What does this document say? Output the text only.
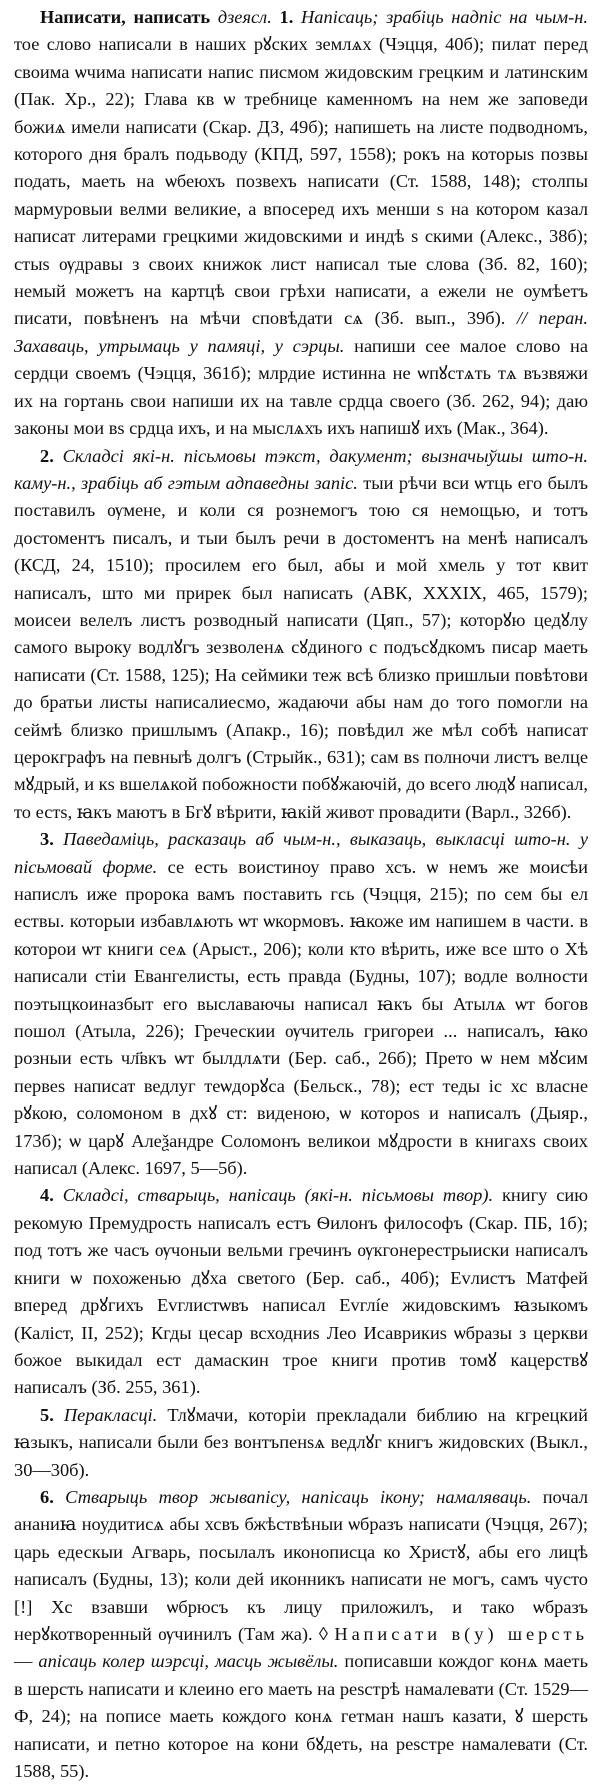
Написати, написать дзеясл. 1. Напісаць; зрабіць надпіс на чым-н. тое слово написали в наших рꙋских землѧх (Чэцця, 40б); пилат перед своима ѡчима написати напис писмом жидовским грецким и латинским (Пак. Хр., 22); Глава кв ѡ требнице каменномъ на нем же заповеди божиѧ имели написати (Скар. ДЗ, 49б); напишеть на листе подводномъ, которого дня бралъ подьводу (КПД, 597, 1558); рокъ на которыs позвы подать, маеть на ѡбеюхъ позвехъ написати (Ст. 1588, 148); столпы мармуровыи велми великие, а впосеред ихъ менши s на котором казал написат литерами грецкими жидовскими и индѣ s скими (Алекс., 38б); стыs ѹдравы з своих книжок лист написал тые слова (Зб. 82, 160); немый можетъ на картцѣ свои грѣхи написати, а ежели не оумѣетъ писати, повѣненъ на мѣчи сповѣдати сѧ (Зб. вып., 39б). // перан. Захаваць, утрымаць у памяці, у сэрцы. напиши сее малое слово на сердци своемъ (Чэцця, 361б); млрдие истинна не ѡпꙋстѧть тѧ възвяжи их на гортань свои напиши их на тавле срдца своего (Зб. 262, 94); даю законы мои вs срдца ихъ, и на мыслѧхъ ихъ напишꙋ ихъ (Мак., 364).

2. Складсі які-н. пісьмовы тэкст, дакумент; вызначыўшы што-н. каму-н., зрабіць аб гэтым адпаведны запіс. тыи рѣчи вси ѡтць его былъ поставилъ ѹмене, и коли ся рознемогъ тою ся немощью, и тотъ достоментъ писалъ, и тыи былъ речи в достоментъ на менѣ написалъ (КСД, 24, 1510); просилем его был, абы и мой хмель у тот квит написалъ, што ми прирек был написать (АВК, XXXIX, 465, 1579); моисеи велелъ листъ розводный написати (Цяп., 57); которꙋю цедꙋлу самого выроку водлꙋгъ зезволенѧ сꙋдиного с подъсꙋдкомъ писар маеть написати (Ст. 1588, 125); На сеймики теж всѣ близко пришлыи повѣтови до братьи листы написалиесмо, жадаючи абы нам до того помогли на сеймѣ близко пришлымъ (Апакр., 16); повѣдил же мѣл собѣ написат церокграфъ на певныѣ долгъ (Стрыйк., 631); сам вs полночи листъ велце мꙋдрый, и кs вшелѧкой побожности побꙋжаючій, до всего людꙋ написал, то естs, ꙗкъ маютъ в Бгꙋ вѣрити, ꙗкій живот провадити (Варл., 326б).

3. Паведаміць, расказаць аб чым-н., выказаць, выкласці што-н. у пісьмовай форме. се есть воистиноу право хсъ. ѡ немъ же моисѣи напислъ иже пророка вамъ поставить гсь (Чэцця, 215); по сем бы ел ествы. которыи избавлѧють ѡт ѡкормовъ. ꙗкоже им напишем в части. в которои ѡт книги сеѧ (Арыст., 206); коли кто вѣрить, иже все што о Хѣ написали стіи Евангелисты, есть правда (Будны, 107); водле волности поэтыцкоиназбыт его выславаючы написал ꙗкъ бы Атылѧ ѡт богов пошол (Атыла, 226); Греческии ѹчитель григореи ... написалъ, ꙗко розныи есть чл҃вкъ ѡт былдлѧти (Бер. саб., 26б); Прето ѡ нем мꙋсим первеs написат ведлуг теѡдорꙋса (Бельск., 78); ест теды іс хс власне рꙋкою, соломоном в дхꙋ ст: виденою, ѡ которοs и написалъ (Дыяр., 173б); ѡ царꙋ Алеѯандре Соломонъ великои мꙋдрости в книгахs своих написал (Алекс. 1697, 5—5б).

4. Складсі, стварыць, напісаць (які-н. пісьмовы твор). книгу сию рекомую Премудрость написалъ естъ Ѳилонъ философъ (Скар. ПБ, 1б); под тотъ же часъ ѹчоныи вельми гречинъ ѹкгонерестрыиски написалъ книги ѡ похоженью дꙋха светого (Бер. саб., 40б); Еvлистъ Матфей вперед дрꙋгихъ Еvглистѡвъ написал Еvглíе жидовскимъ ꙗзыкомъ (Каліст, II, 252); Кгды цесар всходниs Лео Исаврикиs ѡбразы з церкви божое выкидал ест дамаскин трое книги против томꙋ кацерствꙋ написалъ (Зб. 255, 361).

5. Перакласці. Тлꙋмачи, которіи прекладали библию на кгрецкий ꙗзыкъ, написали были без вонтъпенsѧ ведлꙋг книгъ жидовских (Выкл., 30—30б).

6. Стварыць твор жывапісу, напісаць ікону; намаляваць. почал ананиꙗ ноудитисѧ абы хсвъ бжѣствѣныи ѡбразъ написати (Чэцця, 267); царь едескыи Агварь, посылалъ иконописца ко Христꙋ, абы его лицѣ написалъ (Будны, 13); коли дей иконникъ написати не могъ, самъ чусто [!] Хс взавши ѡбрюсъ къ лицу приложилъ, и тако ѡбразъ нерꙋкотворенный ѹчинилъ (Там жа). ◊ Написати в(у) шерсть — апісаць колер шэрсці, масць жывёлы. пописавши кождог конѧ маеть в шерсть написати и клеино его маеть на реsстрѣ намалевати (Ст. 1529—Ф, 24); на пописе маеть кождого конѧ гетман нашъ казати, ꙋ шерсть написати, и петно которое на кони бꙋдеть, на реsстре намалевати (Ст. 1588, 55).
